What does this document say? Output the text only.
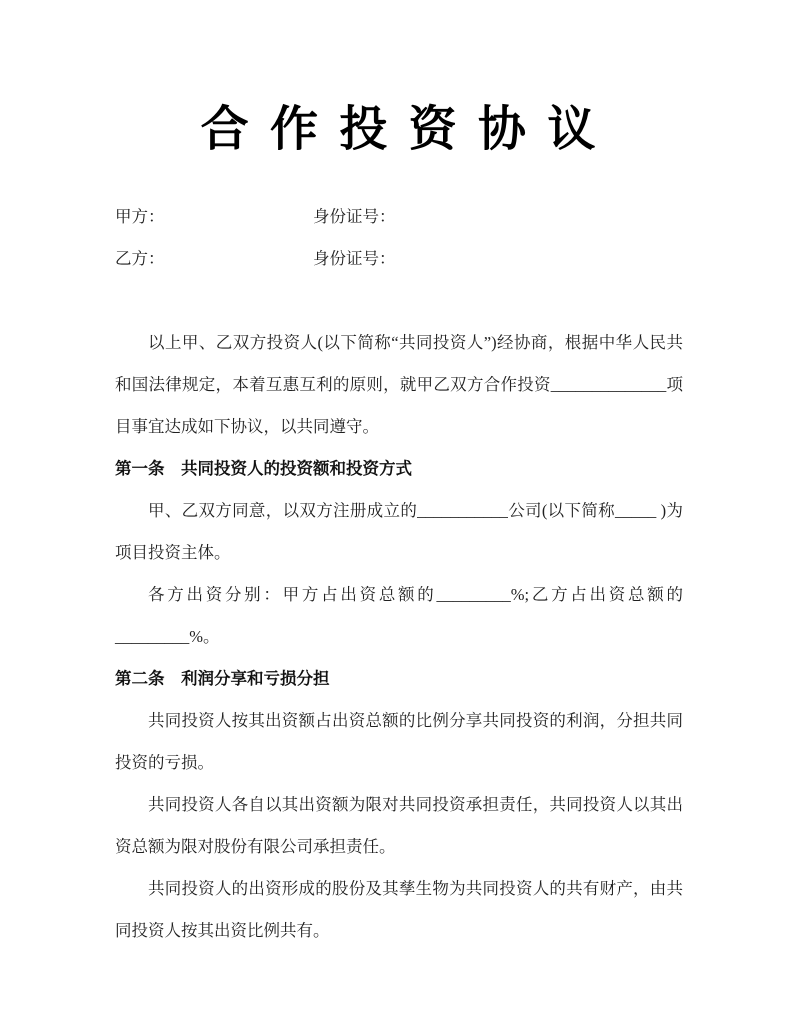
合 作 投 资 协 议
甲方：	身份证号：
乙方：	身份证号：

以上甲、乙双方投资人(以下简称“共同投资人”)经协商，根据中华人民共和国法律规定，本着互惠互利的原则，就甲乙双方合作投资______________项目事宜达成如下协议，以共同遵守。

第一条　共同投资人的投资额和投资方式

甲、乙双方同意，以双方注册成立的___________公司(以下简称_____ )为项目投资主体。

各方出资分别：甲方占出资总额的_________%;乙方占出资总额的_________%。

第二条　利润分享和亏损分担

共同投资人按其出资额占出资总额的比例分享共同投资的利润，分担共同投资的亏损。

共同投资人各自以其出资额为限对共同投资承担责任，共同投资人以其出资总额为限对股份有限公司承担责任。

共同投资人的出资形成的股份及其孳生物为共同投资人的共有财产，由共同投资人按其出资比例共有。
